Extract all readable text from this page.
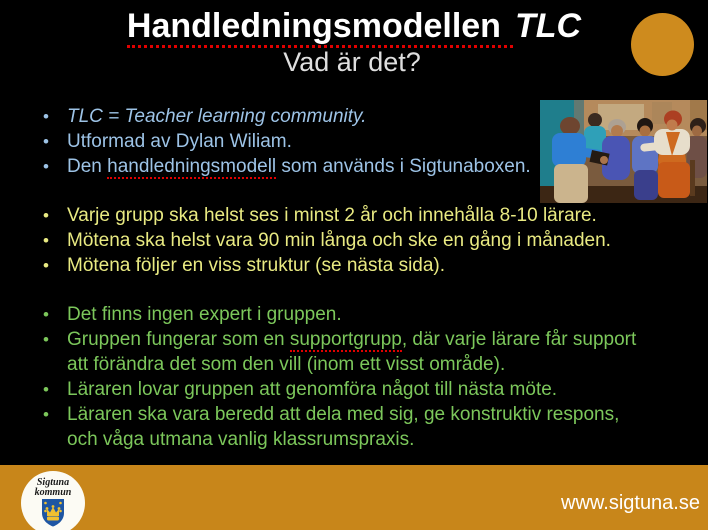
Handledningsmodellen TLC
Vad är det?
• TLC = Teacher learning community.
• Utformad av Dylan Wiliam.
• Den handledningsmodell som används i Sigtunaboxen.
• Varje grupp ska helst ses i minst 2 år och innehålla 8-10 lärare.
• Mötena ska helst vara 90 min långa och ske en gång i månaden.
• Mötena följer en viss struktur (se nästa sida).
• Det finns ingen expert i gruppen.
• Gruppen fungerar som en supportgrupp, där varje lärare får support att förändra det som den vill (inom ett visst område).
• Läraren lovar gruppen att genomföra något till nästa möte.
• Läraren ska vara beredd att dela med sig, ge konstruktiv respons, och våga utmana vanlig klassrumspraxis.
www.sigtuna.se
Sigtuna
kommun
